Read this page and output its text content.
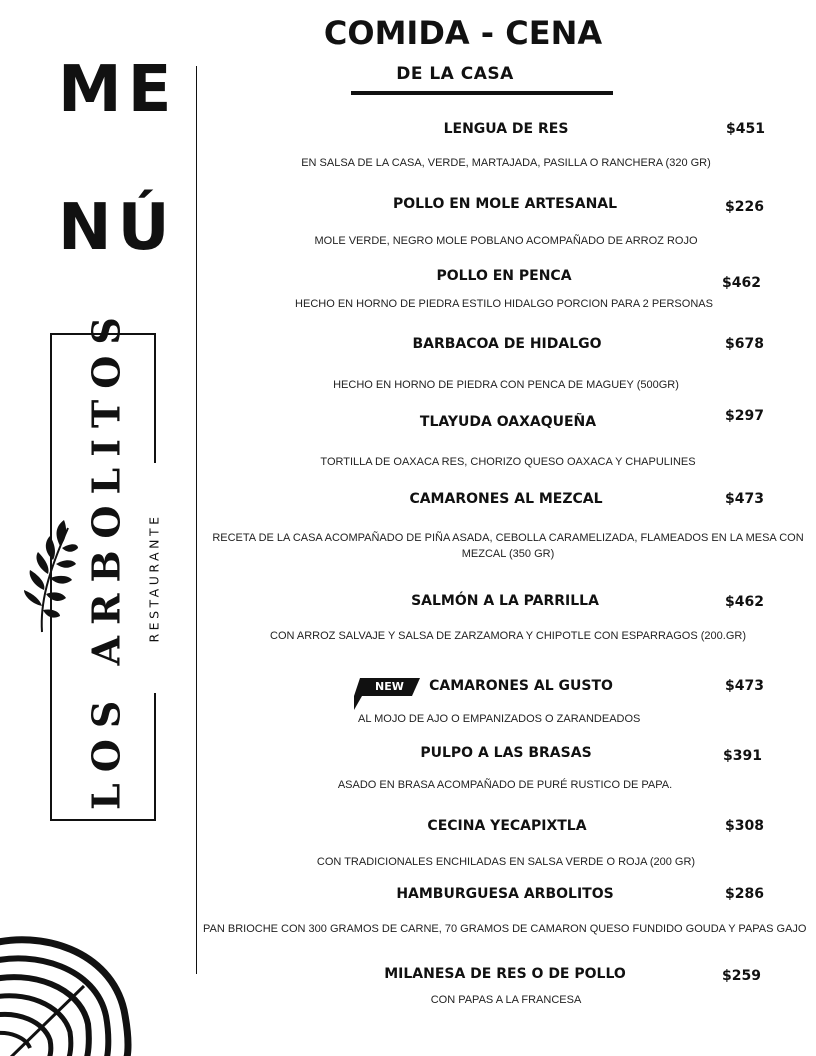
ME
NÚ
LOS ARBOLITOS RESTAURANTE
COMIDA - CENA
DE LA CASA
LENGUA DE RES	$451
EN SALSA DE LA CASA, VERDE, MARTAJADA, PASILLA O RANCHERA (320 GR)
POLLO EN MOLE ARTESANAL	$226
MOLE VERDE, NEGRO MOLE POBLANO ACOMPAÑADO DE ARROZ ROJO
POLLO EN PENCA	$462
HECHO EN HORNO DE PIEDRA ESTILO HIDALGO PORCION PARA 2 PERSONAS
BARBACOA DE HIDALGO	$678
HECHO EN HORNO DE PIEDRA CON PENCA DE MAGUEY (500GR)
TLAYUDA OAXAQUEÑA	$297
TORTILLA DE OAXACA RES, CHORIZO QUESO OAXACA Y CHAPULINES
CAMARONES AL MEZCAL	$473
RECETA DE LA CASA ACOMPAÑADO DE PIÑA ASADA, CEBOLLA CARAMELIZADA, FLAMEADOS EN LA MESA CON MEZCAL (350 GR)
SALMÓN A LA PARRILLA	$462
CON ARROZ SALVAJE Y SALSA DE ZARZAMORA Y CHIPOTLE CON ESPARRAGOS (200.GR)
NEW CAMARONES AL GUSTO	$473
AL MOJO DE AJO O EMPANIZADOS O ZARANDEADOS
PULPO A LAS BRASAS	$391
ASADO EN BRASA ACOMPAÑADO DE PURÉ RUSTICO DE PAPA.
CECINA YECAPIXTLA	$308
CON TRADICIONALES ENCHILADAS EN SALSA VERDE O ROJA (200 GR)
HAMBURGUESA ARBOLITOS	$286
PAN BRIOCHE CON 300 GRAMOS DE CARNE, 70 GRAMOS DE CAMARON QUESO FUNDIDO GOUDA Y PAPAS GAJO
MILANESA DE RES O DE POLLO	$259
CON PAPAS A LA FRANCESA
